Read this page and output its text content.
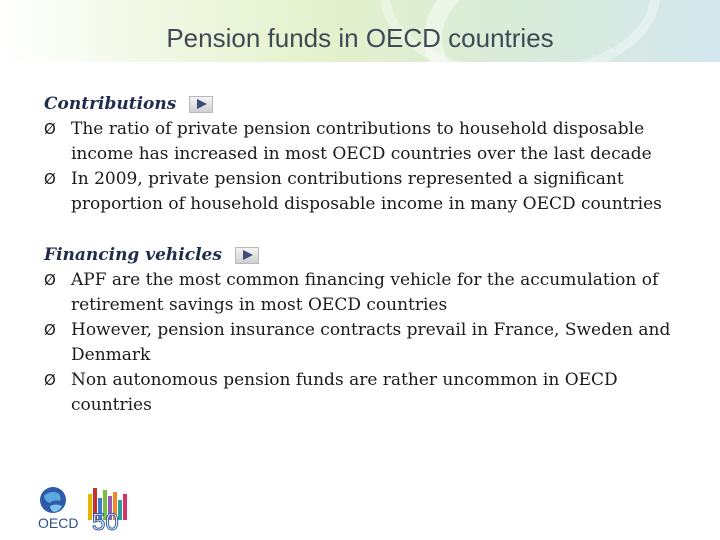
Pension funds in OECD countries
Contributions
Ø The ratio of private pension contributions to household disposable income has increased in most OECD countries over the last decade
Ø In 2009, private pension contributions represented a significant proportion of household disposable income in many OECD countries
Financing vehicles
Ø APF are the most common financing vehicle for the accumulation of retirement savings in most OECD countries
Ø However, pension insurance contracts prevail in France, Sweden and Denmark
Ø Non autonomous pension funds are rather uncommon in OECD countries
OECD 50
